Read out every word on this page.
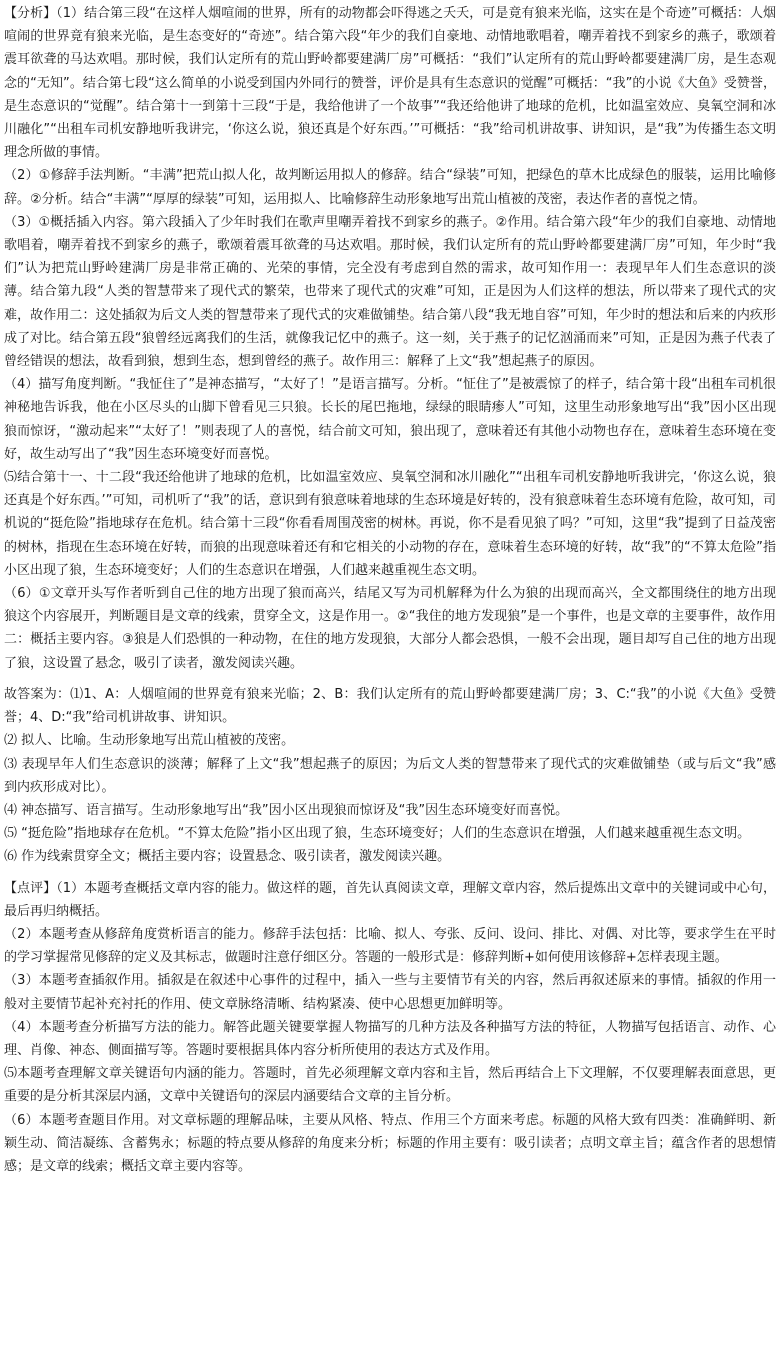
【分析】（1）结合第三段“在这样人烟喧闹的世界，所有的动物都会吓得逃之夭夭，可是竟有狼来光临，这实在是个奇迹”可概括：人烟喧闹的世界竟有狼来光临，是生态变好的“奇迹”。结合第六段“年少的我们自豪地、动情地歌唱着，嘲弄着找不到家乡的燕子，歌颂着震耳欲聋的马达欢唱。那时候，我们认定所有的荒山野岭都要建满厂房”可概括：“我们”认定所有的荒山野岭都要建满厂房，是生态观念的“无知”。结合第七段“这么简单的小说受到国内外同行的赞誉，评价是具有生态意识的觉醒”可概括：“我”的小说《大鱼》受赞誉，是生态意识的“觉醒”。结合第十一到第十三段“于是，我给他讲了一个故事”“我还给他讲了地球的危机，比如温室效应、臭氧空洞和冰川融化”“出租车司机安静地听我讲完，‘你这么说，狼还真是个好东西。’”可概括：“我”给司机讲故事、讲知识，是“我”为传播生态文明理念所做的事情。

（2）①修辞手法判断。“丰满”把荒山拟人化，故判断运用拟人的修辞。结合“绿装”可知，把绿色的草木比成绿色的服装，运用比喻修辞。②分析。结合“丰满”“厚厚的绿装”可知，运用拟人、比喻修辞生动形象地写出荒山植被的茂密，表达作者的喜悦之情。

（3）①概括插入内容。第六段插入了少年时我们在歌声里嘲弄着找不到家乡的燕子。②作用。结合第六段“年少的我们自豪地、动情地歌唱着，嘲弄着找不到家乡的燕子，歌颂着震耳欲聋的马达欢唱。那时候，我们认定所有的荒山野岭都要建满厂房”可知，年少时“我们”认为把荒山野岭建满厂房是非常正确的、光荣的事情，完全没有考虑到自然的需求，故可知作用一：表现早年人们生态意识的淡薄。结合第九段“人类的智慧带来了现代式的繁荣，也带来了现代式的灾难”可知，正是因为人们这样的想法，所以带来了现代式的灾难，故作用二：这处插叙为后文人类的智慧带来了现代式的灾难做铺垫。结合第八段“我无地自容”可知，年少时的想法和后来的内疚形成了对比。结合第五段“狼曾经远离我们的生活，就像我记忆中的燕子。这一刻，关于燕子的记忆汹涌而来”可知，正是因为燕子代表了曾经错误的想法，故看到狼，想到生态，想到曾经的燕子。故作用三：解释了上文“我”想起燕子的原因。

（4）描写角度判断。“我怔住了”是神态描写，“太好了！”是语言描写。分析。“怔住了”是被震惊了的样子，结合第十段“出租车司机很神秘地告诉我，他在小区尽头的山脚下曾看见三只狼。长长的尾巴拖地，绿绿的眼睛瘆人”可知，这里生动形象地写出“我”因小区出现狼而惊讶，“激动起来”“太好了！”则表现了人的喜悦，结合前文可知，狼出现了，意味着还有其他小动物也存在，意味着生态环境在变好，故生动写出了“我”因生态环境变好而喜悦。

⑸结合第十一、十二段“我还给他讲了地球的危机，比如温室效应、臭氧空洞和冰川融化”“出租车司机安静地听我讲完，‘你这么说，狼还真是个好东西。’”可知，司机听了“我”的话，意识到有狼意味着地球的生态环境是好转的，没有狼意味着生态环境有危险，故可知，司机说的“挺危险”指地球存在危机。结合第十三段“你看看周围茂密的树林。再说，你不是看见狼了吗？”可知，这里“我”提到了日益茂密的树林，指现在生态环境在好转，而狼的出现意味着还有和它相关的小动物的存在，意味着生态环境的好转，故“我”的“不算太危险”指小区出现了狼，生态环境变好；人们的生态意识在增强，人们越来越重视生态文明。

（6）①文章开头写作者听到自己住的地方出现了狼而高兴，结尾又写为司机解释为什么为狼的出现而高兴，全文都围绕住的地方出现狼这个内容展开，判断题目是文章的线索，贯穿全文，这是作用一。②“我住的地方发现狼”是一个事件，也是文章的主要事件，故作用二：概括主要内容。③狼是人们恐惧的一种动物，在住的地方发现狼，大部分人都会恐惧，一般不会出现，题目却写自己住的地方出现了狼，这设置了悬念，吸引了读者，激发阅读兴趣。

故答案为：⑴1、A：人烟喧闹的世界竟有狼来光临；2、B：我们认定所有的荒山野岭都要建满厂房；3、C:“我”的小说《大鱼》受赞誉；4、D:“我”给司机讲故事、讲知识。

⑵ 拟人、比喻。生动形象地写出荒山植被的茂密。

⑶ 表现早年人们生态意识的淡薄；解释了上文“我”想起燕子的原因；为后文人类的智慧带来了现代式的灾难做铺垫（或与后文“我”感到内疚形成对比）。

⑷ 神态描写、语言描写。生动形象地写出“我”因小区出现狼而惊讶及“我”因生态环境变好而喜悦。

⑸ “挺危险”指地球存在危机。“不算太危险”指小区出现了狼，生态环境变好；人们的生态意识在增强，人们越来越重视生态文明。

⑹ 作为线索贯穿全文；概括主要内容；设置悬念、吸引读者，激发阅读兴趣。

【点评】（1）本题考查概括文章内容的能力。做这样的题，首先认真阅读文章，理解文章内容，然后提炼出文章中的关键词或中心句，最后再归纳概括。

（2）本题考查从修辞角度赏析语言的能力。修辞手法包括：比喻、拟人、夸张、反问、设问、排比、对偶、对比等，要求学生在平时的学习掌握常见修辞的定义及其标志，做题时注意仔细区分。答题的一般形式是：修辞判断+如何使用该修辞+怎样表现主题。

（3）本题考查插叙作用。插叙是在叙述中心事件的过程中，插入一些与主要情节有关的内容，然后再叙述原来的事情。插叙的作用一般对主要情节起补充衬托的作用、使文章脉络清晰、结构紧凑、使中心思想更加鲜明等。

（4）本题考查分析描写方法的能力。解答此题关键要掌握人物描写的几种方法及各种描写方法的特征，人物描写包括语言、动作、心理、肖像、神态、侧面描写等。答题时要根据具体内容分析所使用的表达方式及作用。

⑸本题考查理解文章关键语句内涵的能力。答题时，首先必须理解文章内容和主旨，然后再结合上下文理解，不仅要理解表面意思，更重要的是分析其深层内涵，文章中关键语句的深层内涵要结合文章的主旨分析。

（6）本题考查题目作用。对文章标题的理解品味，主要从风格、特点、作用三个方面来考虑。标题的风格大致有四类：准确鲜明、新颖生动、简洁凝练、含蓄隽永；标题的特点要从修辞的角度来分析；标题的作用主要有：吸引读者；点明文章主旨；蕴含作者的思想情感；是文章的线索；概括文章主要内容等。
